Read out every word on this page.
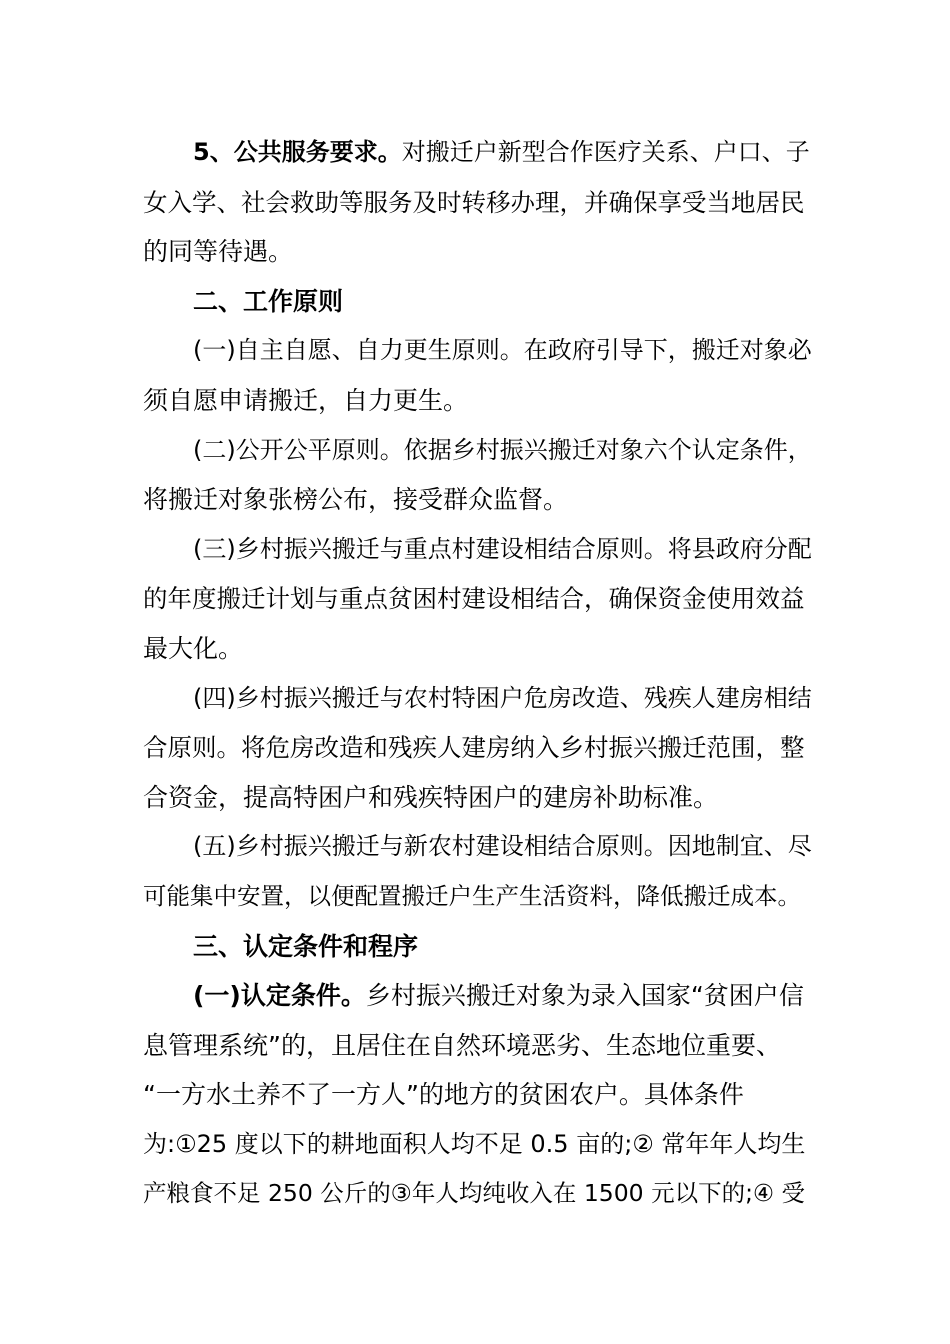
5、公共服务要求。对搬迁户新型合作医疗关系、户口、子
女入学、社会救助等服务及时转移办理，并确保享受当地居民
的同等待遇。
二、工作原则
(一)自主自愿、自力更生原则。在政府引导下，搬迁对象必
须自愿申请搬迁，自力更生。
(二)公开公平原则。依据乡村振兴搬迁对象六个认定条件，
将搬迁对象张榜公布，接受群众监督。
(三)乡村振兴搬迁与重点村建设相结合原则。将县政府分配
的年度搬迁计划与重点贫困村建设相结合，确保资金使用效益
最大化。
(四)乡村振兴搬迁与农村特困户危房改造、残疾人建房相结
合原则。将危房改造和残疾人建房纳入乡村振兴搬迁范围，整
合资金，提高特困户和残疾特困户的建房补助标准。
(五)乡村振兴搬迁与新农村建设相结合原则。因地制宜、尽
可能集中安置，以便配置搬迁户生产生活资料，降低搬迁成本。
三、认定条件和程序
(一)认定条件。乡村振兴搬迁对象为录入国家“贫困户信
息管理系统”的，且居住在自然环境恶劣、生态地位重要、
“一方水土养不了一方人”的地方的贫困农户。具体条件
为:①25 度以下的耕地面积人均不足 0.5 亩的;② 常年年人均生
产粮食不足 250 公斤的③年人均纯收入在 1500 元以下的;④ 受
